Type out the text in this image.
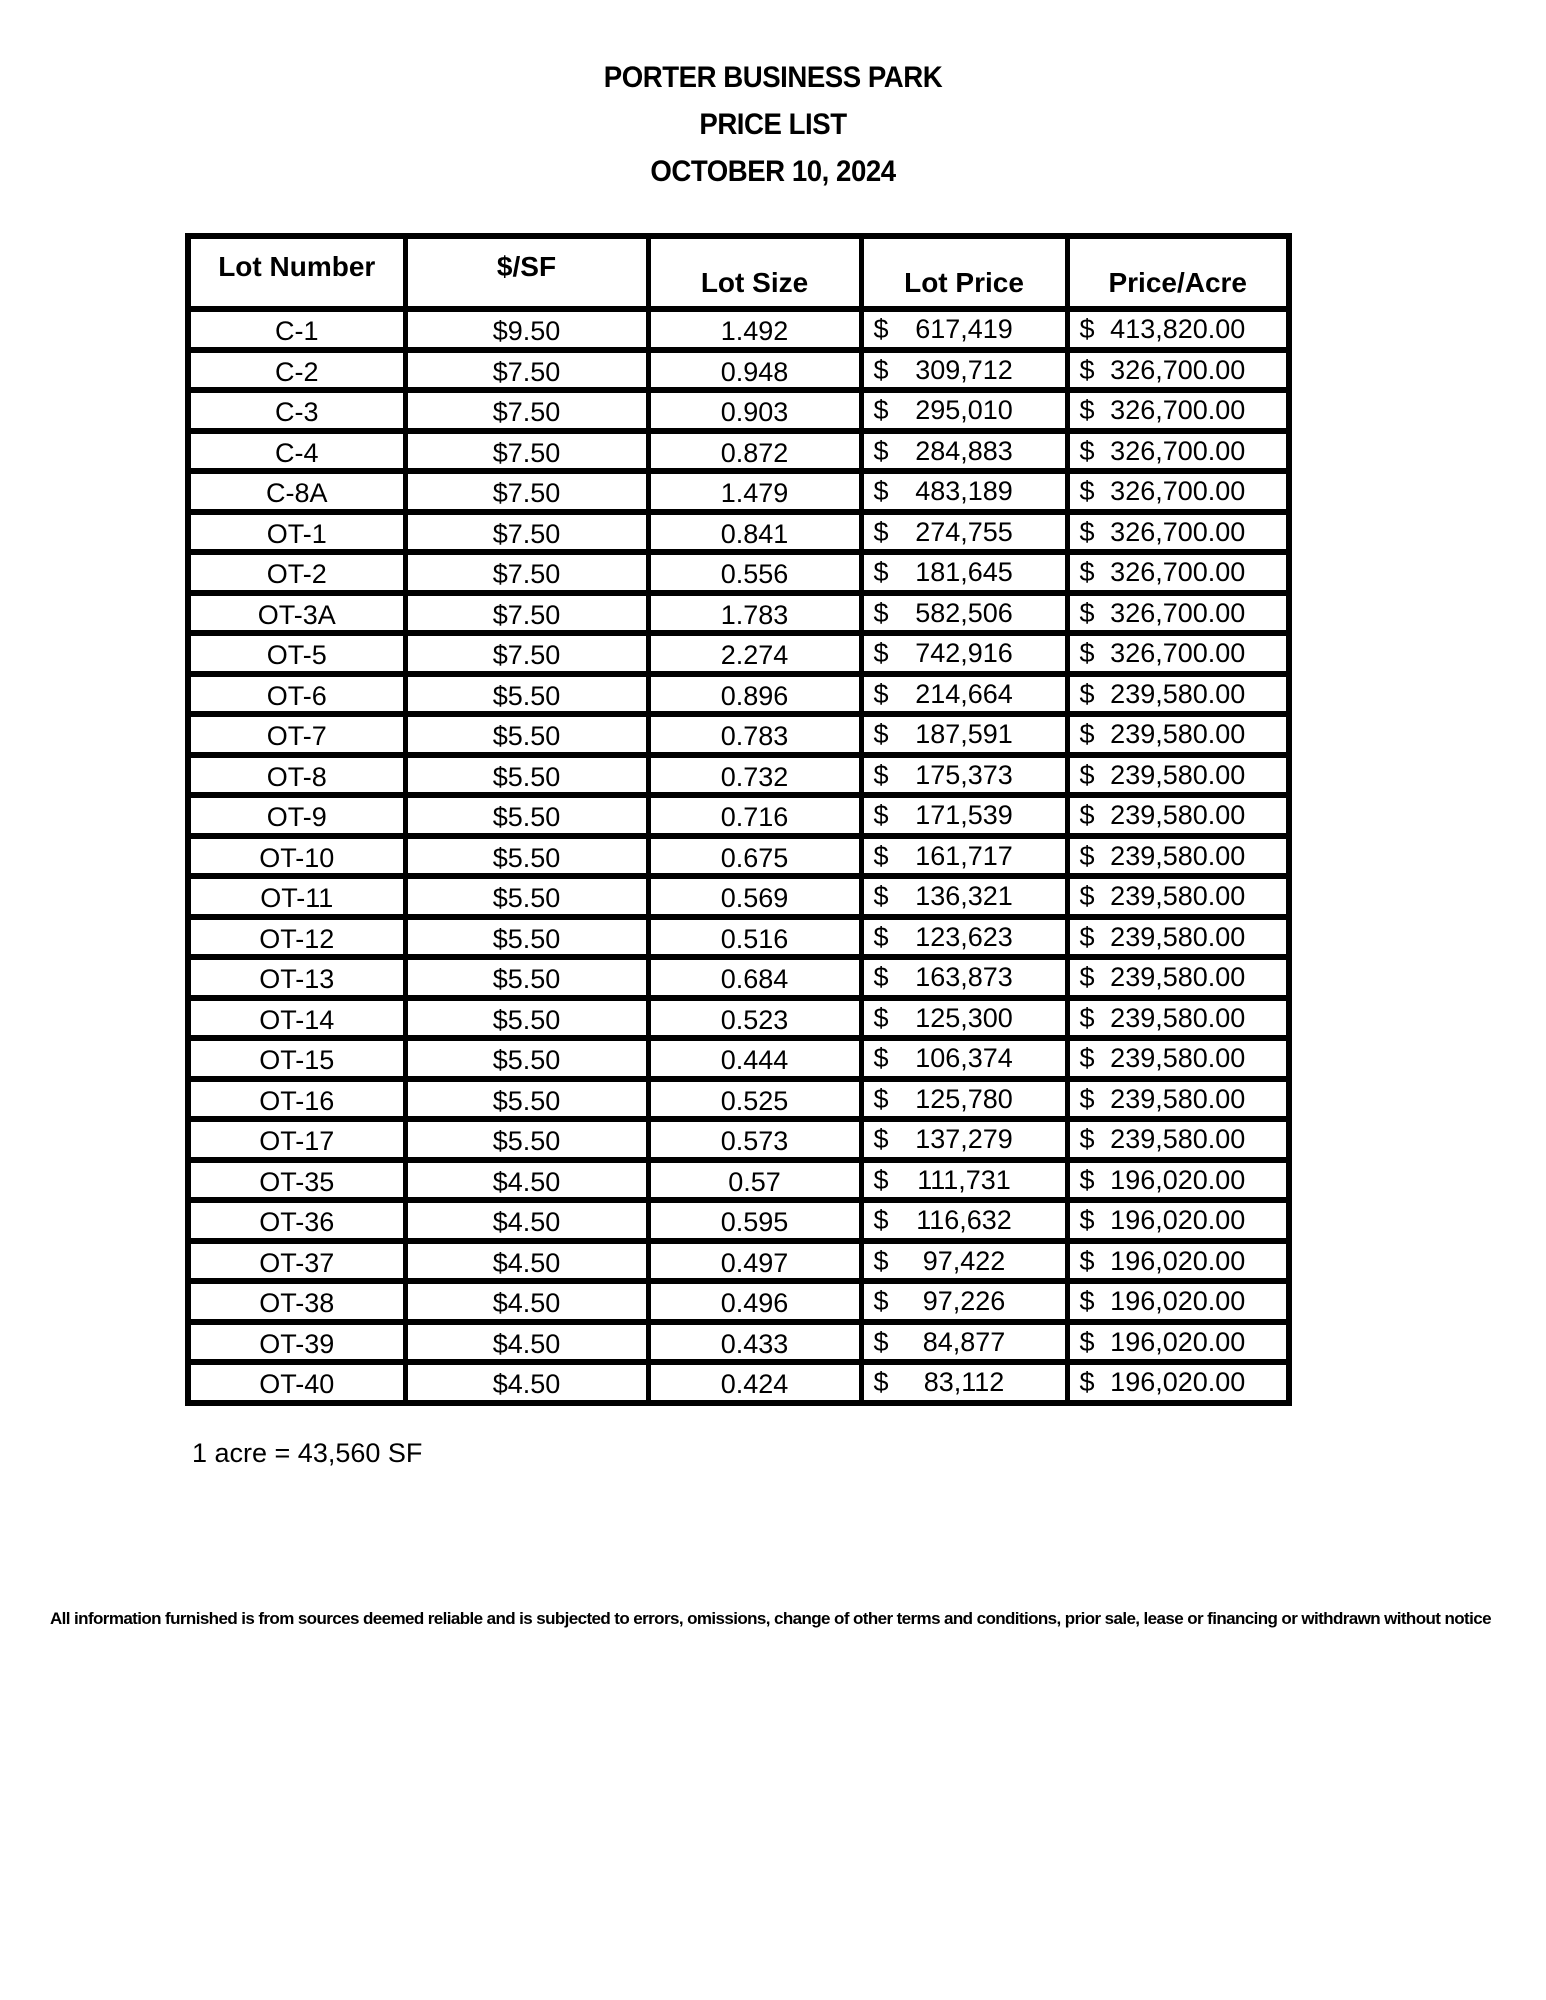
PORTER BUSINESS PARK
PRICE LIST
OCTOBER 10, 2024
Lot Number	$/SF	Lot Size	Lot Price	Price/Acre

C-1	$9.50	1.492	$ 617,419	$ 413,820.00
C-2	$7.50	0.948	$ 309,712	$ 326,700.00
C-3	$7.50	0.903	$ 295,010	$ 326,700.00
C-4	$7.50	0.872	$ 284,883	$ 326,700.00
C-8A	$7.50	1.479	$ 483,189	$ 326,700.00
OT-1	$7.50	0.841	$ 274,755	$ 326,700.00
OT-2	$7.50	0.556	$ 181,645	$ 326,700.00
OT-3A	$7.50	1.783	$ 582,506	$ 326,700.00
OT-5	$7.50	2.274	$ 742,916	$ 326,700.00
OT-6	$5.50	0.896	$ 214,664	$ 239,580.00
OT-7	$5.50	0.783	$ 187,591	$ 239,580.00
OT-8	$5.50	0.732	$ 175,373	$ 239,580.00
OT-9	$5.50	0.716	$ 171,539	$ 239,580.00
OT-10	$5.50	0.675	$ 161,717	$ 239,580.00
OT-11	$5.50	0.569	$ 136,321	$ 239,580.00
OT-12	$5.50	0.516	$ 123,623	$ 239,580.00
OT-13	$5.50	0.684	$ 163,873	$ 239,580.00
OT-14	$5.50	0.523	$ 125,300	$ 239,580.00
OT-15	$5.50	0.444	$ 106,374	$ 239,580.00
OT-16	$5.50	0.525	$ 125,780	$ 239,580.00
OT-17	$5.50	0.573	$ 137,279	$ 239,580.00
OT-35	$4.50	0.57	$ 111,731	$ 196,020.00
OT-36	$4.50	0.595	$ 116,632	$ 196,020.00
OT-37	$4.50	0.497	$ 97,422	$ 196,020.00
OT-38	$4.50	0.496	$ 97,226	$ 196,020.00
OT-39	$4.50	0.433	$ 84,877	$ 196,020.00
OT-40	$4.50	0.424	$ 83,112	$ 196,020.00
1 acre = 43,560 SF
All information furnished is from sources deemed reliable and is subjected to errors, omissions, change of other terms and conditions, prior sale, lease or financing or withdrawn without notice
